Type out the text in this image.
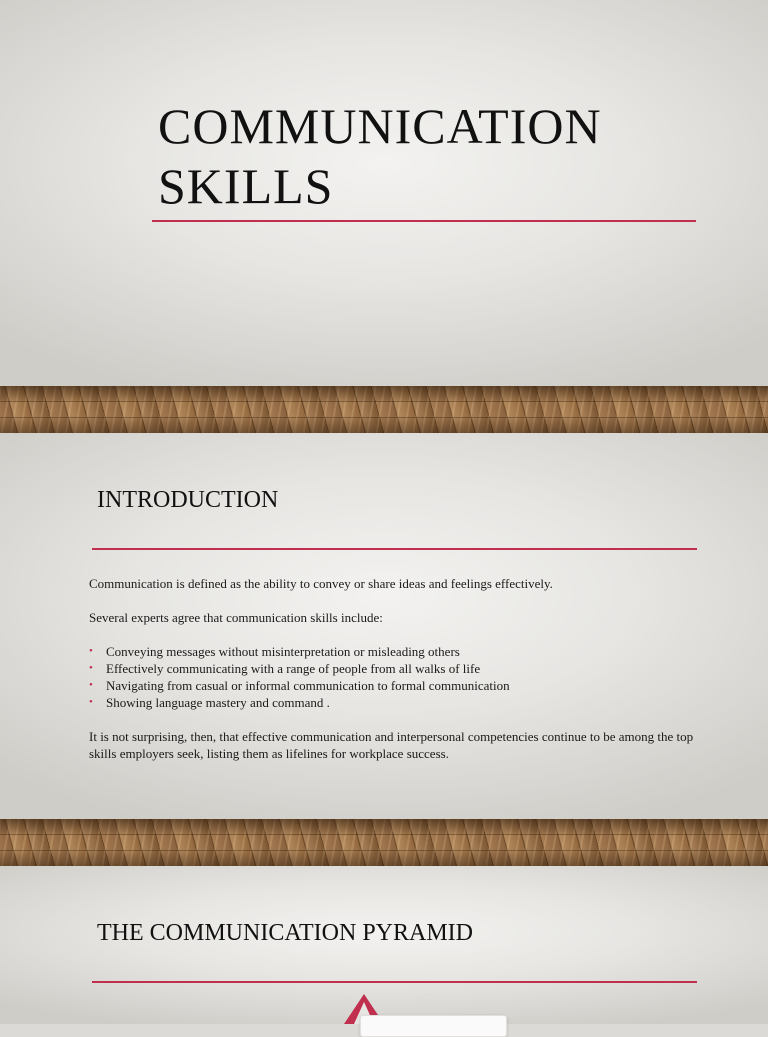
COMMUNICATION
SKILLS
INTRODUCTION

Communication is defined as the ability to convey or share ideas and feelings effectively.

Several experts agree that communication skills include:

• Conveying messages without misinterpretation or misleading others
• Effectively communicating with a range of people from all walks of life
• Navigating from casual or informal communication to formal communication
• Showing language mastery and command .

It is not surprising, then, that effective communication and interpersonal competencies continue to be among the top skills employers seek, listing them as lifelines for workplace success.

THE COMMUNICATION PYRAMID
